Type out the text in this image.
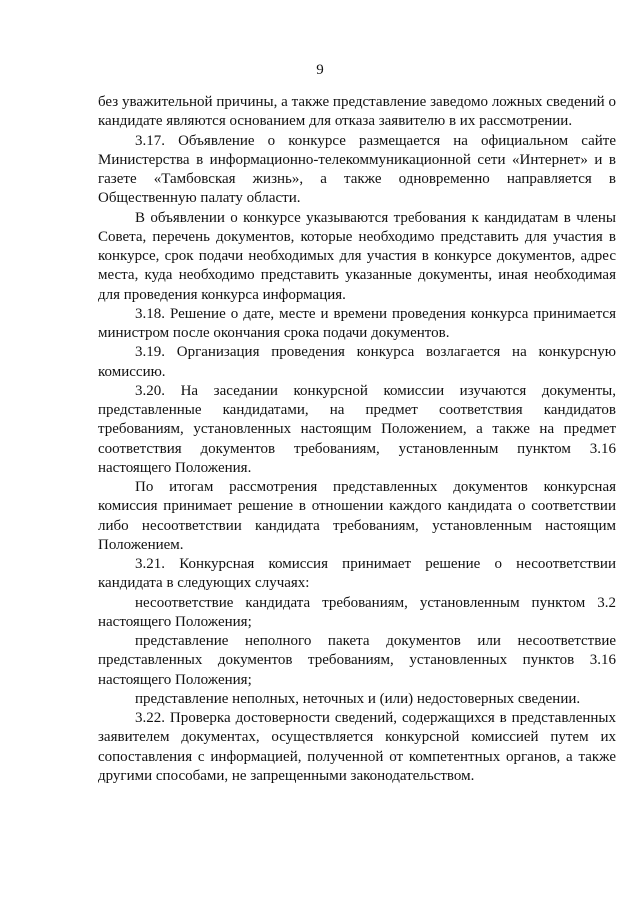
9

без уважительной причины, а также представление заведомо ложных сведений о кандидате являются основанием для отказа заявителю в их рассмотрении.

3.17. Объявление о конкурсе размещается на официальном сайте Министерства в информационно-телекоммуникационной сети «Интернет» и в газете «Тамбовская жизнь», а также одновременно направляется в Общественную палату области.

В объявлении о конкурсе указываются требования к кандидатам в члены Совета, перечень документов, которые необходимо представить для участия в конкурсе, срок подачи необходимых для участия в конкурсе документов, адрес места, куда необходимо представить указанные документы, иная необходимая для проведения конкурса информация.

3.18. Решение о дате, месте и времени проведения конкурса принимается министром после окончания срока подачи документов.

3.19. Организация проведения конкурса возлагается на конкурсную комиссию.

3.20. На заседании конкурсной комиссии изучаются документы, представленные кандидатами, на предмет соответствия кандидатов требованиям, установленных настоящим Положением, а также на предмет соответствия документов требованиям, установленным пунктом 3.16 настоящего Положения.

По итогам рассмотрения представленных документов конкурсная комиссия принимает решение в отношении каждого кандидата о соответствии либо несоответствии кандидата требованиям, установленным настоящим Положением.

3.21. Конкурсная комиссия принимает решение о несоответствии кандидата в следующих случаях:

несоответствие кандидата требованиям, установленным пунктом 3.2 настоящего Положения;

представление неполного пакета документов или несоответствие представленных документов требованиям, установленных пунктов 3.16 настоящего Положения;

представление неполных, неточных и (или) недостоверных сведении.

3.22. Проверка достоверности сведений, содержащихся в представленных заявителем документах, осуществляется конкурсной комиссией путем их сопоставления с информацией, полученной от компетентных органов, а также другими способами, не запрещенными законодательством.
